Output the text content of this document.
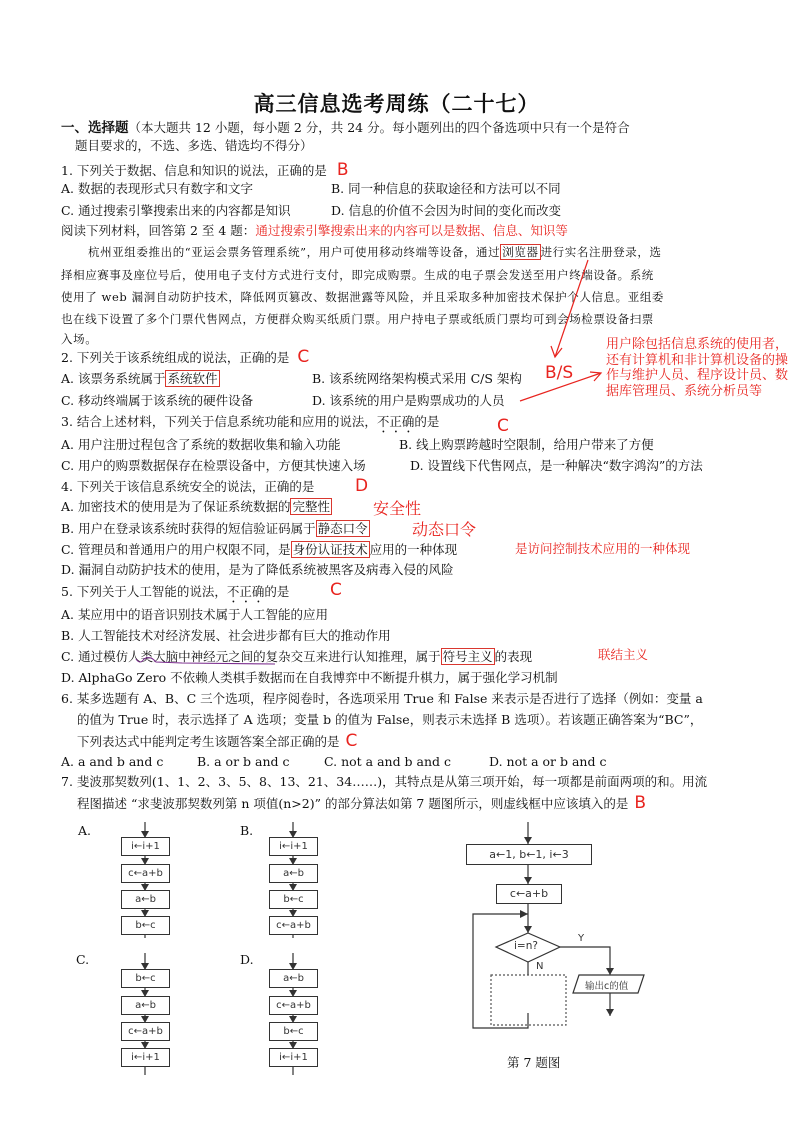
高三信息选考周练（二十七）
一、选择题（本大题共 12 小题，每小题 2 分，共 24 分。每小题列出的四个备选项中只有一个是符合
题目要求的，不选、多选、错选均不得分）
1. 下列关于数据、信息和知识的说法，正确的是 B
A. 数据的表现形式只有数字和文字	B. 同一种信息的获取途径和方法可以不同
C. 通过搜索引擎搜索出来的内容都是知识	D. 信息的价值不会因为时间的变化而改变
阅读下列材料，回答第 2 至 4 题：通过搜索引擎搜索出来的内容可以是数据、信息、知识等
杭州亚组委推出的“亚运会票务管理系统”，用户可使用移动终端等设备，通过 浏览器 进行实名注册登录，选
择相应赛事及座位号后，使用电子支付方式进行支付，即完成购票。生成的电子票会发送至用户终端设备。系统
使用了 web 漏洞自动防护技术，降低网页篡改、数据泄露等风险，并且采取多种加密技术保护个人信息。亚组委
也在线下设置了多个门票代售网点，方便群众购买纸质门票。用户持电子票或纸质门票均可到会场检票设备扫票
入场。
2. 下列关于该系统组成的说法，正确的是 C
A. 该票务系统属于 系统软件	B. 该系统网络架构模式采用 C/S 架构
C. 移动终端属于该系统的硬件设备	D. 该系统的用户是购票成功的人员
B/S
用户除包括信息系统的使用者，还有计算机和非计算机设备的操作与维护人员、程序设计员、数据库管理员、系统分析员等
3. 结合上述材料，下列关于信息系统功能和应用的说法，不正确的是	C
A. 用户注册过程包含了系统的数据收集和输入功能	B. 线上购票跨越时空限制，给用户带来了方便
C. 用户的购票数据保存在检票设备中，方便其快速入场	D. 设置线下代售网点，是一种解决“数字鸿沟”的方法
4. 下列关于该信息系统安全的说法，正确的是 D
A. 加密技术的使用是为了保证系统数据的 完整性	安全性
B. 用户在登录该系统时获得的短信验证码属于 静态口令	动态口令
C. 管理员和普通用户的用户权限不同，是 身份认证技术 应用的一种体现	是访问控制技术应用的一种体现
D. 漏洞自动防护技术的使用，是为了降低系统被黑客及病毒入侵的风险
5. 下列关于人工智能的说法，不正确的是 C
A. 某应用中的语音识别技术属于人工智能的应用
B. 人工智能技术对经济发展、社会进步都有巨大的推动作用
C. 通过模仿人类大脑中神经元之间的复杂交互来进行认知推理，属于 符号主义 的表现	联结主义
D. AlphaGo Zero 不依赖人类棋手数据而在自我博弈中不断提升棋力，属于强化学习机制
6. 某多选题有 A、B、C 三个选项，程序阅卷时，各选项采用 True 和 False 来表示是否进行了选择（例如：变量 a
的值为 True 时，表示选择了 A 选项；变量 b 的值为 False，则表示未选择 B 选项）。若该题正确答案为“BC”，
下列表达式中能判定考生该题答案全部正确的是 C
A. a and b and c	B. a or b and c	C. not a and b and c	D. not a or b and c
7. 斐波那契数列(1、1、2、3、5、8、13、21、34……)，其特点是从第三项开始，每一项都是前面两项的和。用流
程图描述 “求斐波那契数列第 n 项值(n>2)” 的部分算法如第 7 题图所示，则虚线框中应该填入的是 B
A.	B.
C.	D.
i←i+1
c←a+b
a←b
b←c
i←i+1
a←b
b←c
c←a+b
b←c
a←b
c←a+b
i←i+1
a←b
c←a+b
b←c
i←i+1
a←1, b←1, i←3
c←a+b
i=n?
Y
N
输出c的值
第 7 题图
